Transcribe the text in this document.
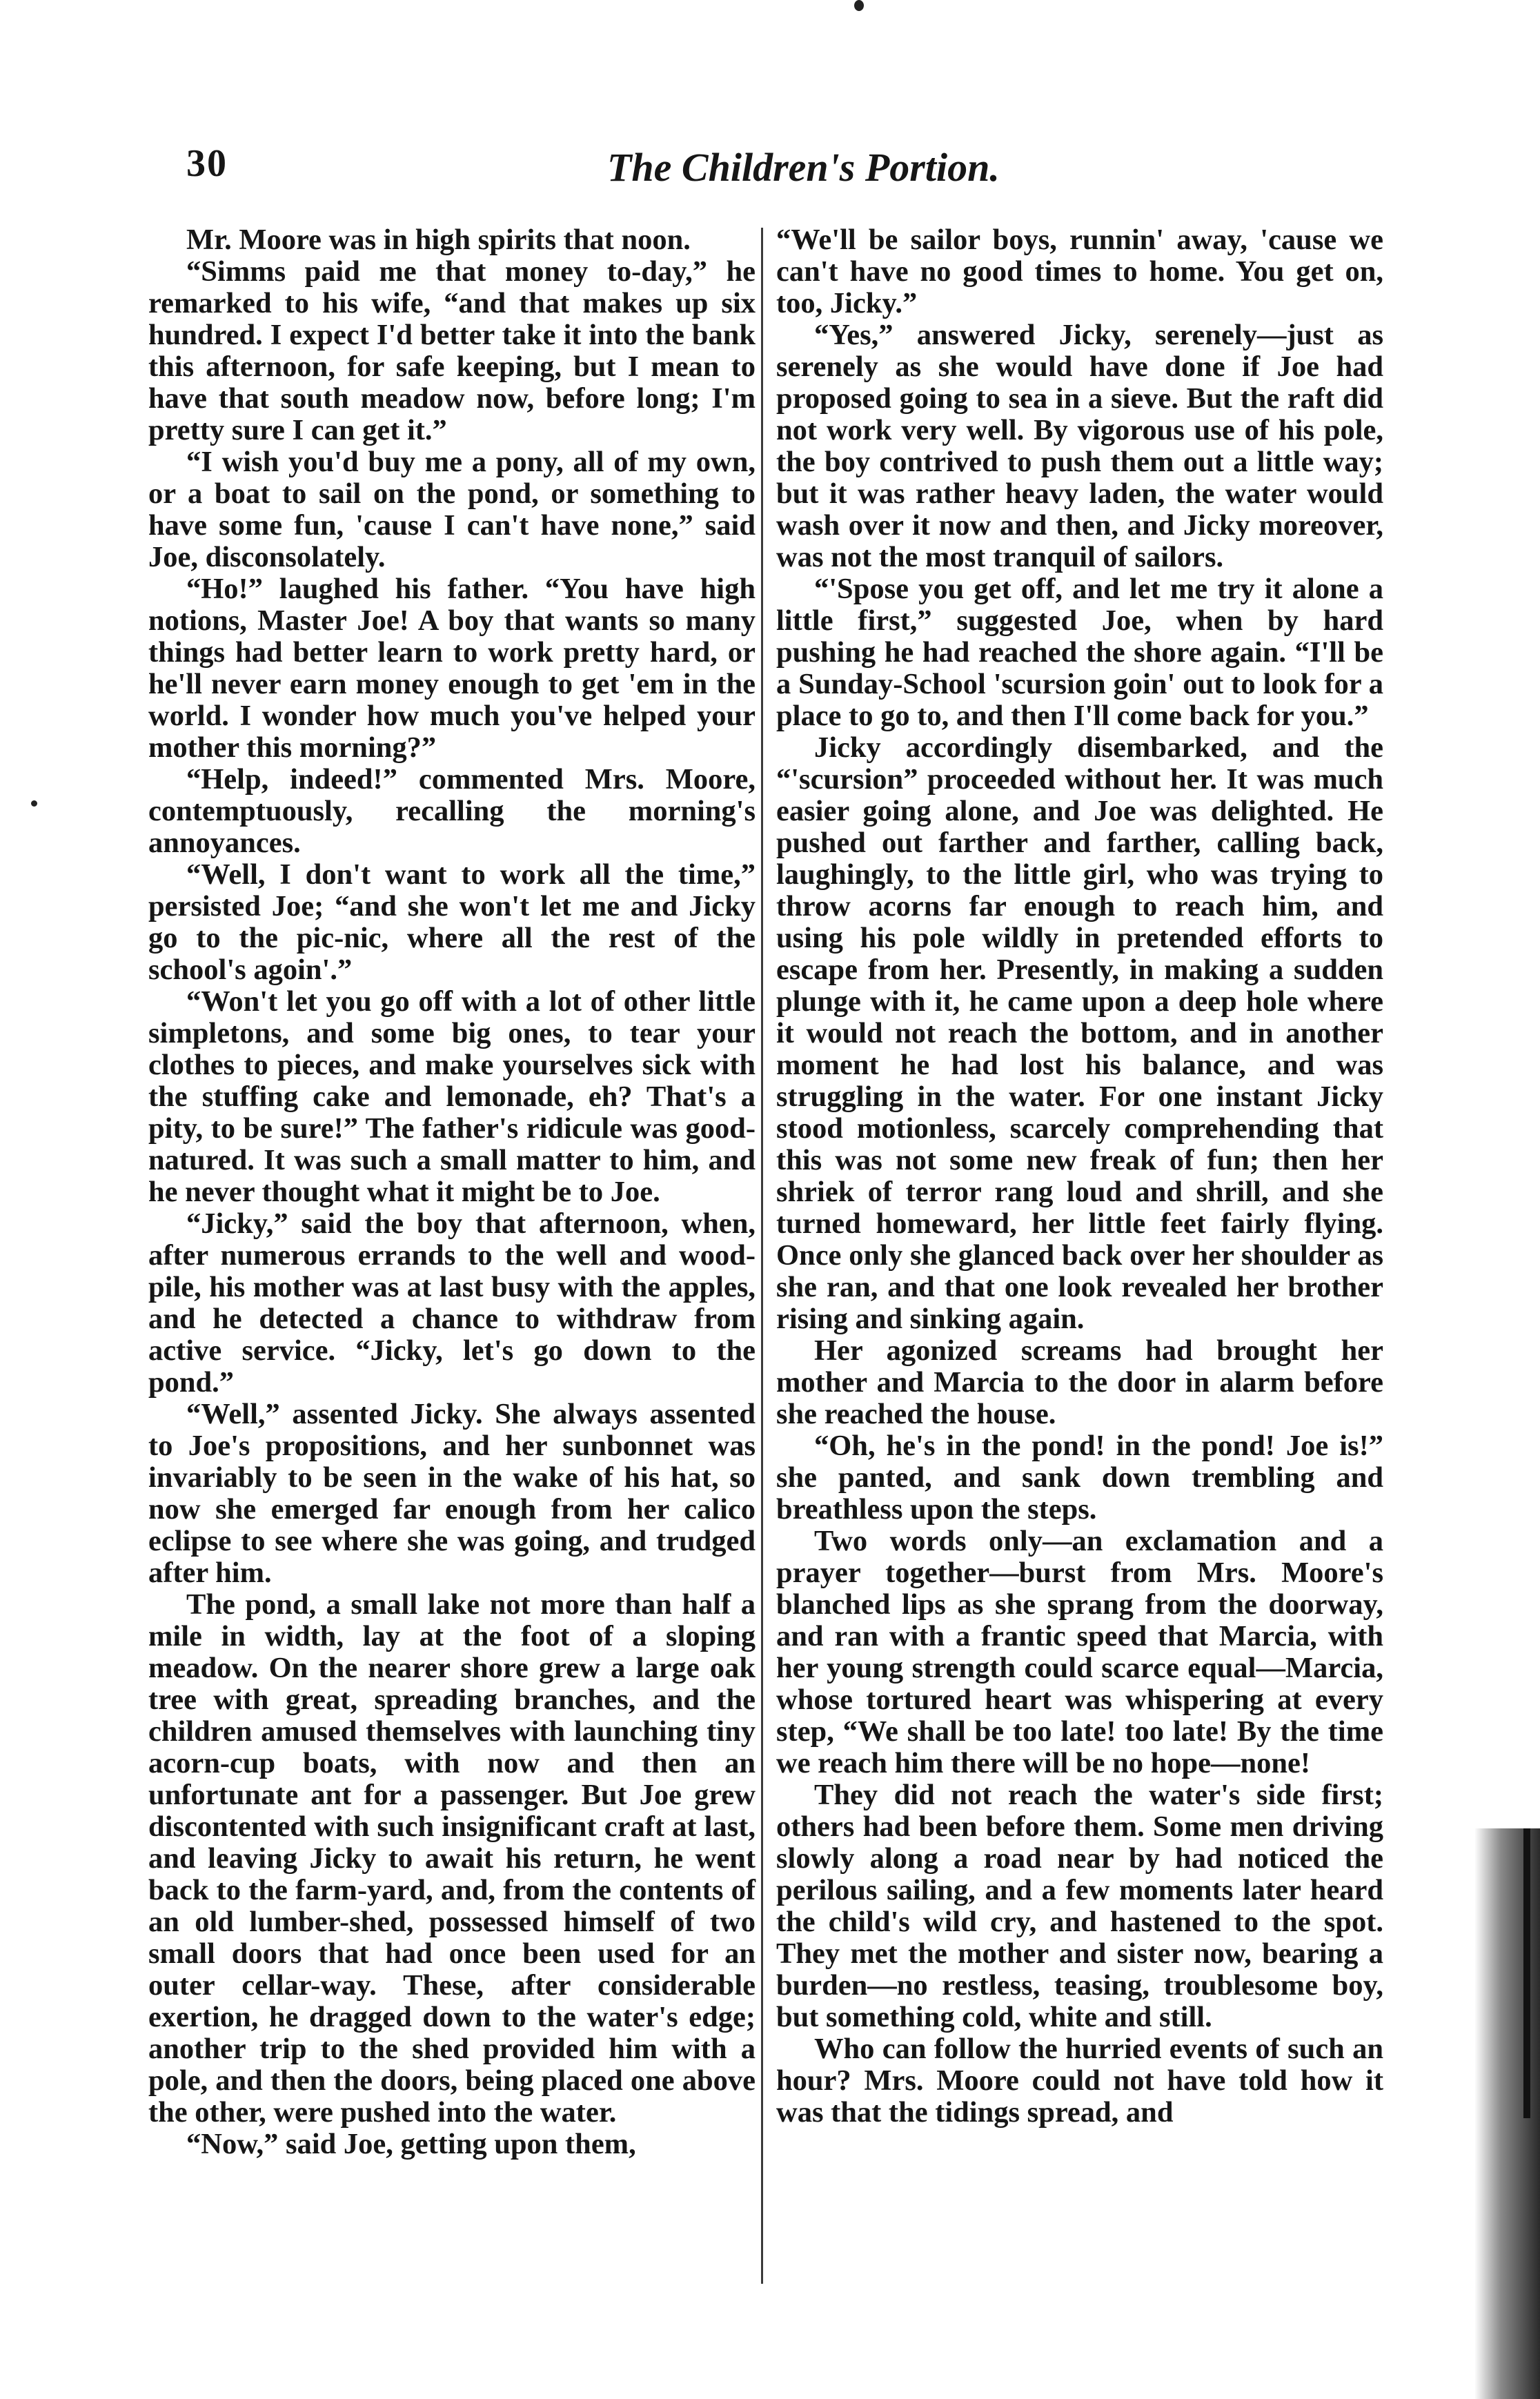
30	The Children's Portion.

Mr. Moore was in high spirits that noon.

“Simms paid me that money to-day,” he remarked to his wife, “and that makes up six hundred. I expect I'd better take it into the bank this afternoon, for safe keeping, but I mean to have that south meadow now, before long; I'm pretty sure I can get it.”

“I wish you'd buy me a pony, all of my own, or a boat to sail on the pond, or something to have some fun, 'cause I can't have none,” said Joe, disconsolately.

“Ho!” laughed his father. “You have high notions, Master Joe! A boy that wants so many things had better learn to work pretty hard, or he'll never earn money enough to get 'em in the world. I wonder how much you've helped your mother this morning?”

“Help, indeed!” commented Mrs. Moore, contemptuously, recalling the morning's annoyances.

“Well, I don't want to work all the time,” persisted Joe; “and she won't let me and Jicky go to the pic-nic, where all the rest of the school's agoin'.”

“Won't let you go off with a lot of other little simpletons, and some big ones, to tear your clothes to pieces, and make yourselves sick with the stuffing cake and lemonade, eh? That's a pity, to be sure!” The father's ridicule was good-natured. It was such a small matter to him, and he never thought what it might be to Joe.

“Jicky,” said the boy that afternoon, when, after numerous errands to the well and wood-pile, his mother was at last busy with the apples, and he detected a chance to withdraw from active service. “Jicky, let's go down to the pond.”

“Well,” assented Jicky. She always assented to Joe's propositions, and her sunbonnet was invariably to be seen in the wake of his hat, so now she emerged far enough from her calico eclipse to see where she was going, and trudged after him.

The pond, a small lake not more than half a mile in width, lay at the foot of a sloping meadow. On the nearer shore grew a large oak tree with great, spreading branches, and the children amused themselves with launching tiny acorn-cup boats, with now and then an unfortunate ant for a passenger. But Joe grew discontented with such insignificant craft at last, and leaving Jicky to await his return, he went back to the farm-yard, and, from the contents of an old lumber-shed, possessed himself of two small doors that had once been used for an outer cellar-way. These, after considerable exertion, he dragged down to the water's edge; another trip to the shed provided him with a pole, and then the doors, being placed one above the other, were pushed into the water.

“Now,” said Joe, getting upon them,

“We'll be sailor boys, runnin' away, 'cause we can't have no good times to home. You get on, too, Jicky.”

“Yes,” answered Jicky, serenely—just as serenely as she would have done if Joe had proposed going to sea in a sieve. But the raft did not work very well. By vigorous use of his pole, the boy contrived to push them out a little way; but it was rather heavy laden, the water would wash over it now and then, and Jicky moreover, was not the most tranquil of sailors.

“'Spose you get off, and let me try it alone a little first,” suggested Joe, when by hard pushing he had reached the shore again. “I'll be a Sunday-School 'scursion goin' out to look for a place to go to, and then I'll come back for you.”

Jicky accordingly disembarked, and the “'scursion” proceeded without her. It was much easier going alone, and Joe was delighted. He pushed out farther and farther, calling back, laughingly, to the little girl, who was trying to throw acorns far enough to reach him, and using his pole wildly in pretended efforts to escape from her. Presently, in making a sudden plunge with it, he came upon a deep hole where it would not reach the bottom, and in another moment he had lost his balance, and was struggling in the water. For one instant Jicky stood motionless, scarcely comprehending that this was not some new freak of fun; then her shriek of terror rang loud and shrill, and she turned homeward, her little feet fairly flying. Once only she glanced back over her shoulder as she ran, and that one look revealed her brother rising and sinking again.

Her agonized screams had brought her mother and Marcia to the door in alarm before she reached the house.

“Oh, he's in the pond! in the pond! Joe is!” she panted, and sank down trembling and breathless upon the steps.

Two words only—an exclamation and a prayer together—burst from Mrs. Moore's blanched lips as she sprang from the doorway, and ran with a frantic speed that Marcia, with her young strength could scarce equal—Marcia, whose tortured heart was whispering at every step, “We shall be too late! too late! By the time we reach him there will be no hope—none!

They did not reach the water's side first; others had been before them. Some men driving slowly along a road near by had noticed the perilous sailing, and a few moments later heard the child's wild cry, and hastened to the spot. They met the mother and sister now, bearing a burden—no restless, teasing, troublesome boy, but something cold, white and still.

Who can follow the hurried events of such an hour? Mrs. Moore could not have told how it was that the tidings spread, and
